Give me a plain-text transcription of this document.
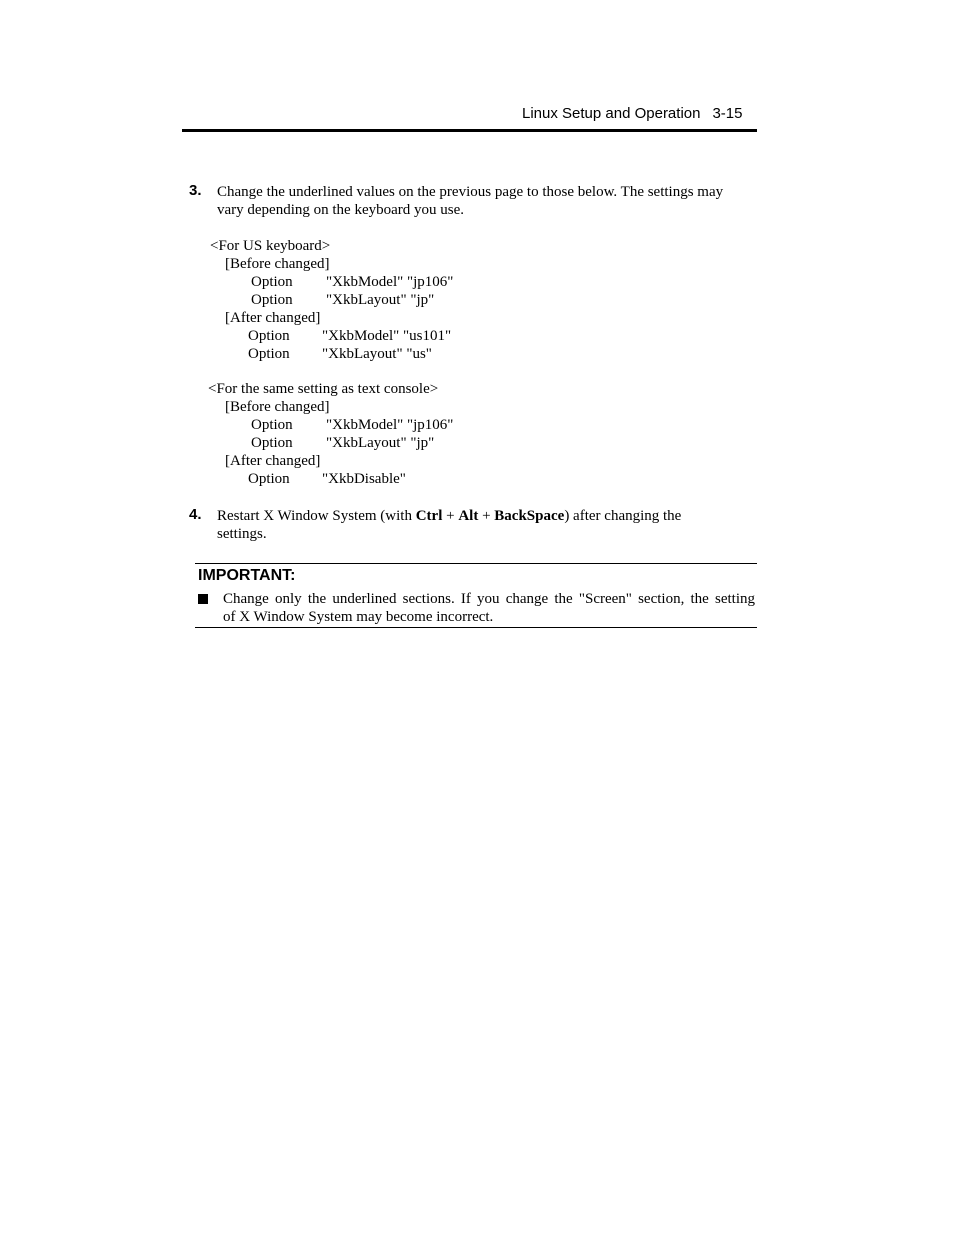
Linux Setup and Operation 3-15
3. Change the underlined values on the previous page to those below. The settings may

vary depending on the keyboard you use.

<For US keyboard>
[Before changed]
Option "XkbModel" "jp106"
Option "XkbLayout" "jp"
[After changed]
Option "XkbModel" "us101"
Option "XkbLayout" "us"
<For the same setting as text console>
[Before changed]
Option "XkbModel" "jp106"
Option "XkbLayout" "jp"
[After changed]
Option "XkbDisable"
4. Restart X Window System (with Ctrl + Alt + BackSpace) after changing the

settings.

IMPORTANT:

Change only the underlined sections. If you change the "Screen" section, the setting

of X Window System may become incorrect.
